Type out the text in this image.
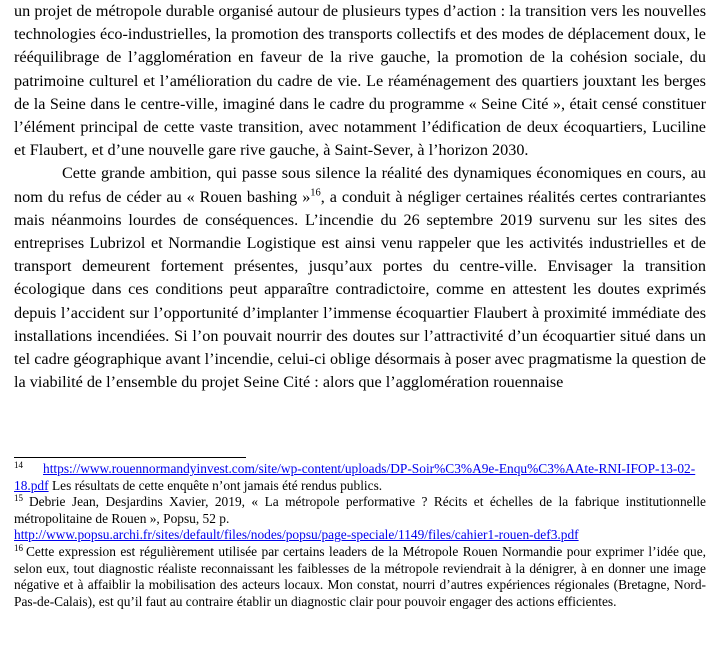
un projet de métropole durable organisé autour de plusieurs types d’action : la transition vers les nouvelles technologies éco-industrielles, la promotion des transports collectifs et des modes de déplacement doux, le rééquilibrage de l’agglomération en faveur de la rive gauche, la promotion de la cohésion sociale, du patrimoine culturel et l’amélioration du cadre de vie. Le réaménagement des quartiers jouxtant les berges de la Seine dans le centre-ville, imaginé dans le cadre du programme « Seine Cité », était censé constituer l’élément principal de cette vaste transition, avec notamment l’édification de deux écoquartiers, Luciline et Flaubert, et d’une nouvelle gare rive gauche, à Saint-Sever, à l’horizon 2030.

Cette grande ambition, qui passe sous silence la réalité des dynamiques économiques en cours, au nom du refus de céder au « Rouen bashing »$^{16}$, a conduit à négliger certaines réalités certes contrariantes mais néanmoins lourdes de conséquences. L’incendie du 26 septembre 2019 survenu sur les sites des entreprises Lubrizol et Normandie Logistique est ainsi venu rappeler que les activités industrielles et de transport demeurent fortement présentes, jusqu’aux portes du centre-ville. Envisager la transition écologique dans ces conditions peut apparaître contradictoire, comme en attestent les doutes exprimés depuis l’accident sur l’opportunité d’implanter l’immense écoquartier Flaubert à proximité immédiate des installations incendiées. Si l’on pouvait nourrir des doutes sur l’attractivité d’un écoquartier situé dans un tel cadre géographique avant l’incendie, celui-ci oblige désormais à poser avec pragmatisme la question de la viabilité de l’ensemble du projet Seine Cité : alors que l’agglomération rouennaise

$^{14}$ https://www.rouennormandyinvest.com/site/wp-content/uploads/DP-Soir%C3%A9e-Enqu%C3%AAte-RNI-IFOP-13-02-18.pdf Les résultats de cette enquête n’ont jamais été rendus publics.

$^{15}$ Debrie Jean, Desjardins Xavier, 2019, « La métropole performative ? Récits et échelles de la fabrique institutionnelle métropolitaine de Rouen », Popsu, 52 p.
http://www.popsu.archi.fr/sites/default/files/nodes/popsu/page-speciale/1149/files/cahier1-rouen-def3.pdf

$^{16}$ Cette expression est régulièrement utilisée par certains leaders de la Métropole Rouen Normandie pour exprimer l’idée que, selon eux, tout diagnostic réaliste reconnaissant les faiblesses de la métropole reviendrait à la dénigrer, à en donner une image négative et à affaiblir la mobilisation des acteurs locaux. Mon constat, nourri d’autres expériences régionales (Bretagne, Nord-Pas-de-Calais), est qu’il faut au contraire établir un diagnostic clair pour pouvoir engager des actions efficientes.
